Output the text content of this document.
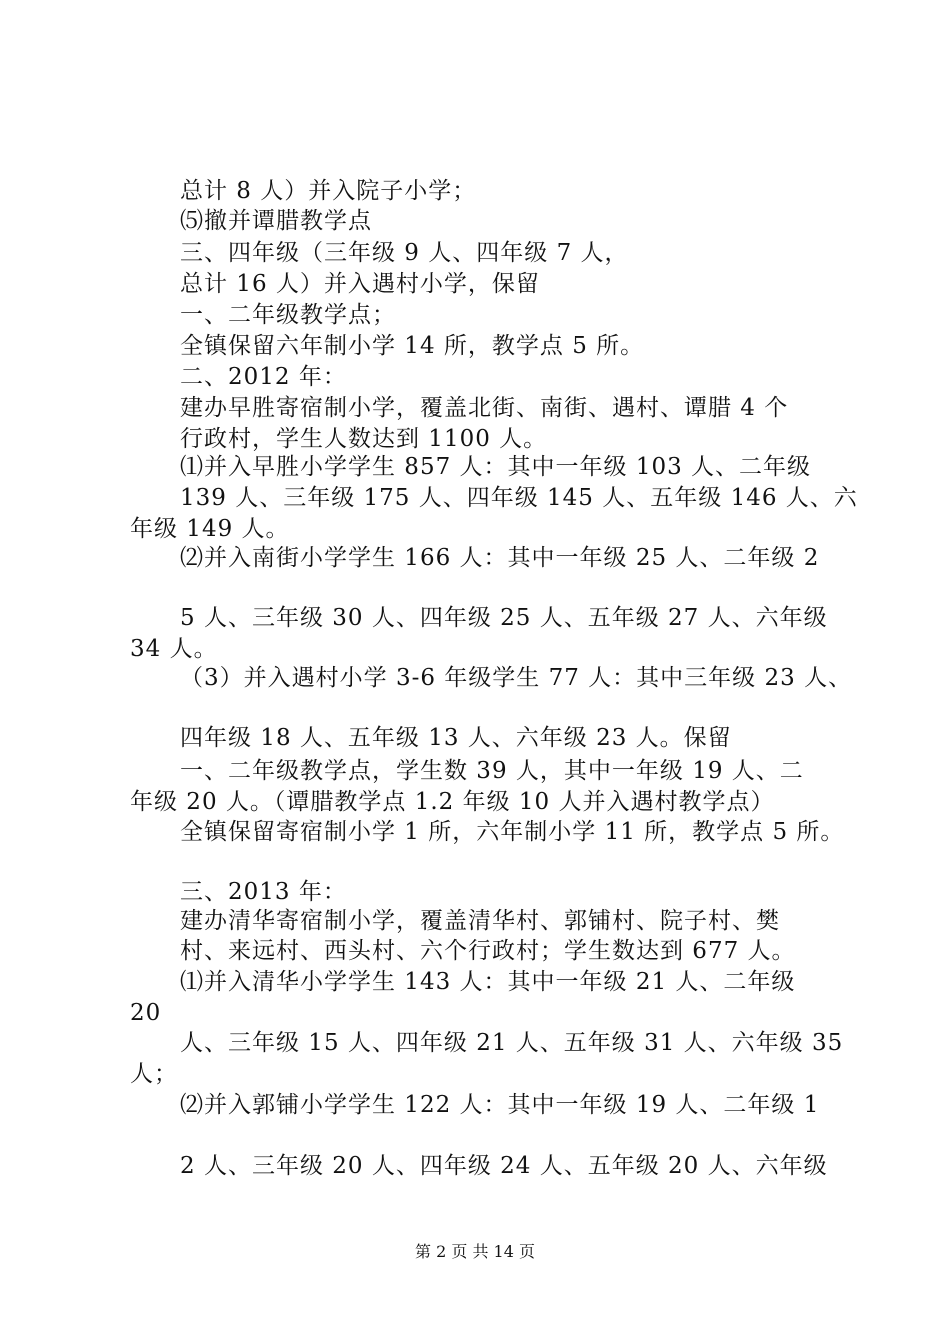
总计 8 人）并入院子小学；
⑸撤并谭腊教学点
三、四年级（三年级 9 人、四年级 7 人，
总计 16 人）并入遇村小学，保留
一、二年级教学点；
全镇保留六年制小学 14 所，教学点 5 所。
二、2012 年：
建办早胜寄宿制小学，覆盖北街、南街、遇村、谭腊 4 个
行政村，学生人数达到 1100 人。
⑴并入早胜小学学生 857 人：其中一年级 103 人、二年级
139 人、三年级 175 人、四年级 145 人、五年级 146 人、六
年级 149 人。
⑵并入南街小学学生 166 人：其中一年级 25 人、二年级 2
5 人、三年级 30 人、四年级 25 人、五年级 27 人、六年级
34 人。
（3）并入遇村小学 3-6 年级学生 77 人：其中三年级 23 人、
四年级 18 人、五年级 13 人、六年级 23 人。保留
一、二年级教学点，学生数 39 人，其中一年级 19 人、二
年级 20 人。（谭腊教学点 1.2 年级 10 人并入遇村教学点）
全镇保留寄宿制小学 1 所，六年制小学 11 所，教学点 5 所。
三、2013 年：
建办清华寄宿制小学，覆盖清华村、郭铺村、院子村、樊
村、来远村、西头村、六个行政村；学生数达到 677 人。
⑴并入清华小学学生 143 人：其中一年级 21 人、二年级
20
人、三年级 15 人、四年级 21 人、五年级 31 人、六年级 35
人；
⑵并入郭铺小学学生 122 人：其中一年级 19 人、二年级 1
2 人、三年级 20 人、四年级 24 人、五年级 20 人、六年级
第 2 页 共 14 页
